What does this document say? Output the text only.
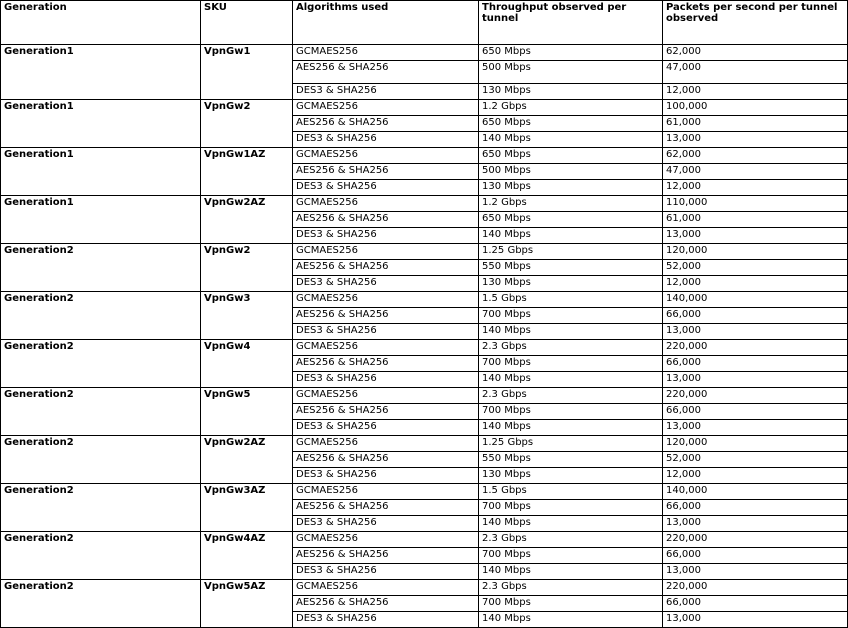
Generation	SKU	Algorithms used	Throughput observed per tunnel	Packets per second per tunnel observed
Generation1	VpnGw1	GCMAES256	650 Mbps	62,000
		AES256 & SHA256	500 Mbps	47,000
		DES3 & SHA256	130 Mbps	12,000
Generation1	VpnGw2	GCMAES256	1.2 Gbps	100,000
		AES256 & SHA256	650 Mbps	61,000
		DES3 & SHA256	140 Mbps	13,000
Generation1	VpnGw1AZ	GCMAES256	650 Mbps	62,000
		AES256 & SHA256	500 Mbps	47,000
		DES3 & SHA256	130 Mbps	12,000
Generation1	VpnGw2AZ	GCMAES256	1.2 Gbps	110,000
		AES256 & SHA256	650 Mbps	61,000
		DES3 & SHA256	140 Mbps	13,000
Generation2	VpnGw2	GCMAES256	1.25 Gbps	120,000
		AES256 & SHA256	550 Mbps	52,000
		DES3 & SHA256	130 Mbps	12,000
Generation2	VpnGw3	GCMAES256	1.5 Gbps	140,000
		AES256 & SHA256	700 Mbps	66,000
		DES3 & SHA256	140 Mbps	13,000
Generation2	VpnGw4	GCMAES256	2.3 Gbps	220,000
		AES256 & SHA256	700 Mbps	66,000
		DES3 & SHA256	140 Mbps	13,000
Generation2	VpnGw5	GCMAES256	2.3 Gbps	220,000
		AES256 & SHA256	700 Mbps	66,000
		DES3 & SHA256	140 Mbps	13,000
Generation2	VpnGw2AZ	GCMAES256	1.25 Gbps	120,000
		AES256 & SHA256	550 Mbps	52,000
		DES3 & SHA256	130 Mbps	12,000
Generation2	VpnGw3AZ	GCMAES256	1.5 Gbps	140,000
		AES256 & SHA256	700 Mbps	66,000
		DES3 & SHA256	140 Mbps	13,000
Generation2	VpnGw4AZ	GCMAES256	2.3 Gbps	220,000
		AES256 & SHA256	700 Mbps	66,000
		DES3 & SHA256	140 Mbps	13,000
Generation2	VpnGw5AZ	GCMAES256	2.3 Gbps	220,000
		AES256 & SHA256	700 Mbps	66,000
		DES3 & SHA256	140 Mbps	13,000
